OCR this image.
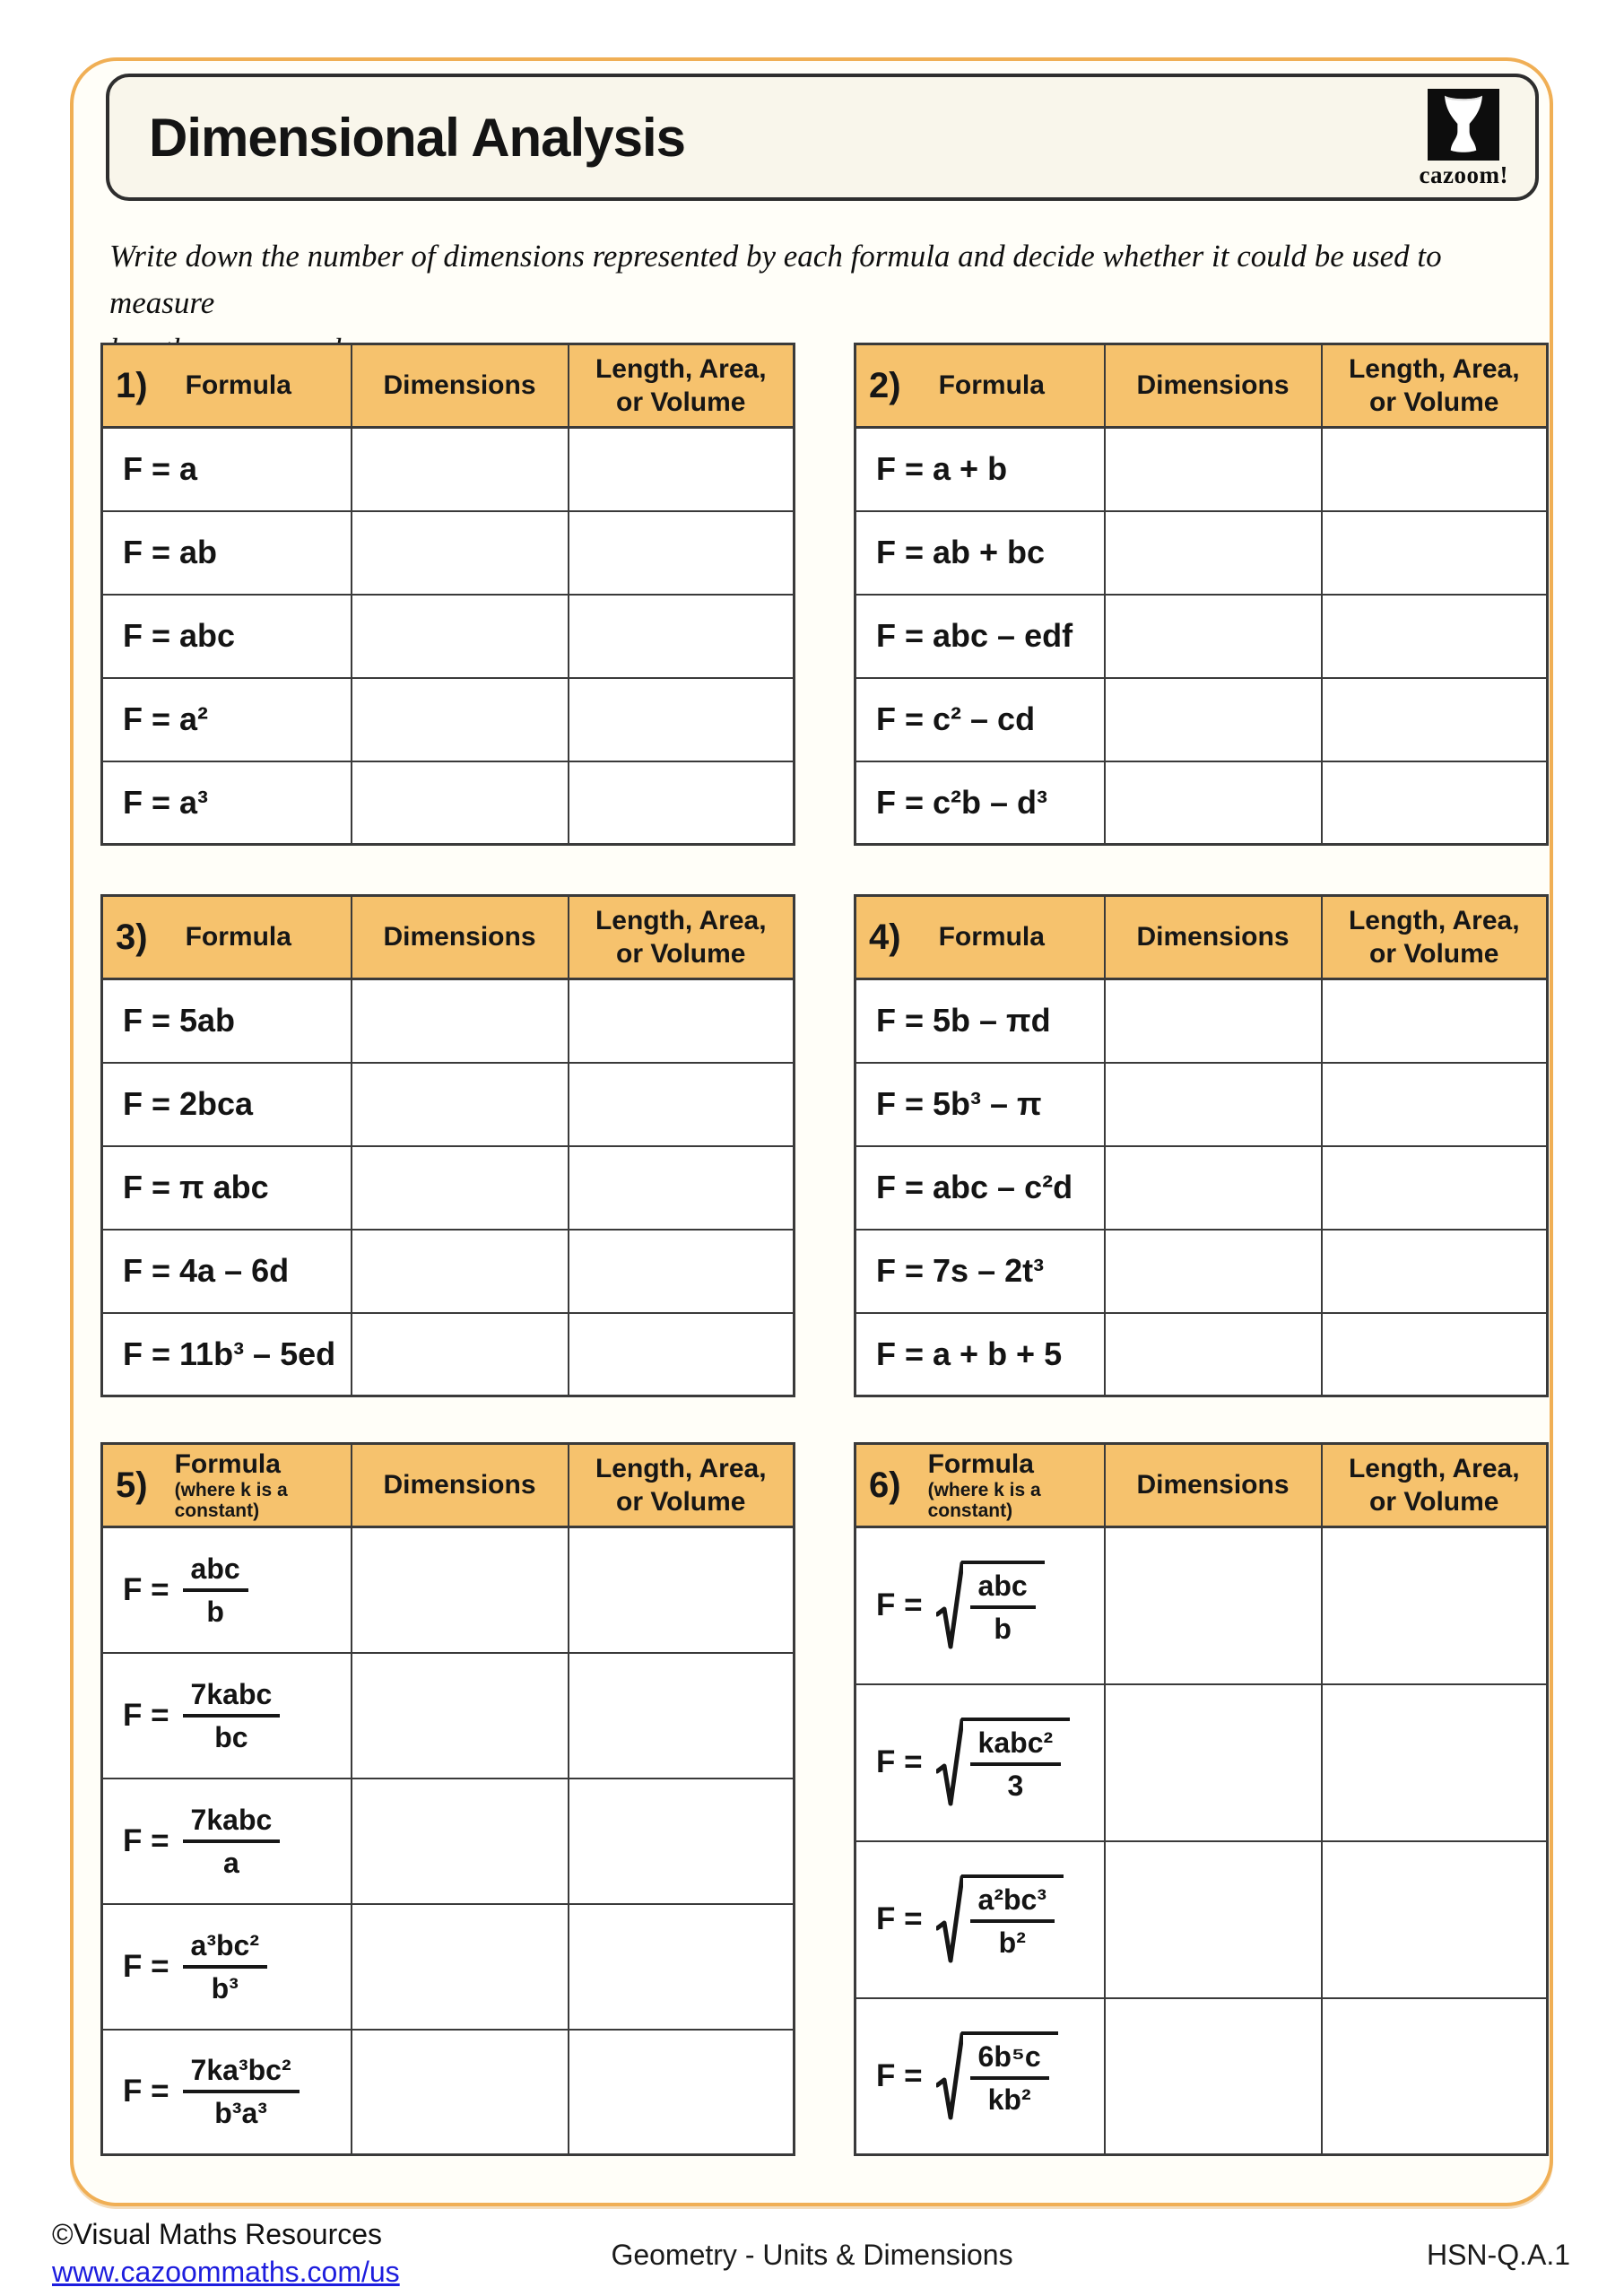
Dimensional Analysis
cazoom!
Write down the number of dimensions represented by each formula and decide whether it could be used to measure

1) Formula	Dimensions	Length, Area,
or Volume
F = a		
F = ab		
F = abc		
F = a²		
F = a³		
2) Formula	Dimensions	Length, Area,
or Volume
F = a + b		
F = ab + bc		
F = abc – edf		
F = c² – cd		
F = c²b – d³		
3) Formula	Dimensions	Length, Area,
or Volume
F = 5ab		
F = 2bca		
F = π abc		
F = 4a – 6d		
F = 11b³ – 5ed		
4) Formula	Dimensions	Length, Area,
or Volume
F = 5b – πd		
F = 5b³ – π		
F = abc – c²d		
F = 7s – 2t³		
F = a + b + 5		
5)
Formula
(where k is a
constant)	Dimensions	Length, Area,
or Volume

$F = \frac{\text{abc}}{b}$

$F = \frac{\text{7kabc}}{bc}$

$F = \frac{\text{7kabc}}{a}$

$F = \frac{\text{a³bc²}}{\text{b³}}$

$F = \frac{\text{7ka³bc²}}{\text{b³a³}}$

6)
Formula
(where k is a
constant)	Dimensions	Length, Area,
or Volume

$F = \frac{\text{abc}}{b}$

$F = \frac{\text{kabc²}}{3}$

$F = \frac{\text{a²bc³}}{\text{b²}}$

$F = \frac{\text{6b⁵c}}{\text{kb²}}$

©Visual Maths Resources
www.cazoommaths.com/us
Geometry - Units & Dimensions	HSN-Q.A.1
